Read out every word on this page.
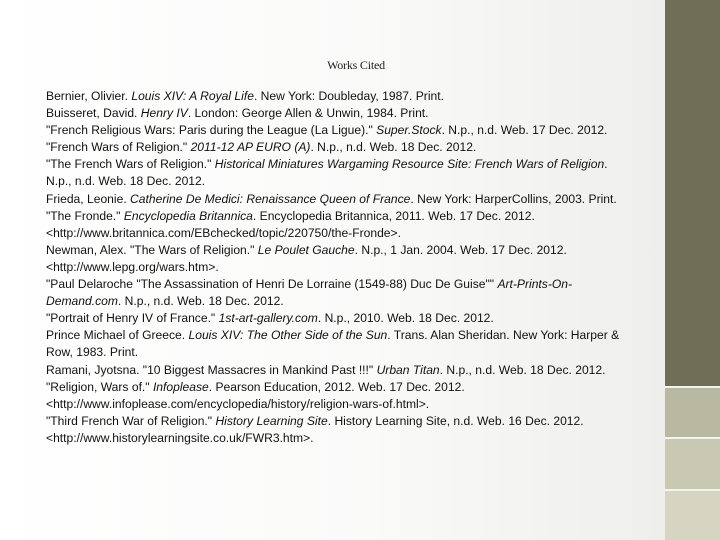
Works Cited

Bernier, Olivier. Louis XIV: A Royal Life. New York: Doubleday, 1987. Print.

Buisseret, David. Henry IV. London: George Allen & Unwin, 1984. Print.

"French Religious Wars: Paris during the League (La Ligue)." Super.Stock. N.p., n.d. Web. 17 Dec. 2012.

"French Wars of Religion." 2011-12 AP EURO (A). N.p., n.d. Web. 18 Dec. 2012.

"The French Wars of Religion." Historical Miniatures Wargaming Resource Site: French Wars of Religion. N.p., n.d. Web. 18 Dec. 2012.

Frieda, Leonie. Catherine De Medici: Renaissance Queen of France. New York: HarperCollins, 2003. Print.

"The Fronde." Encyclopedia Britannica. Encyclopedia Britannica, 2011. Web. 17 Dec. 2012. <http://www.britannica.com/EBchecked/topic/220750/the-Fronde>.

Newman, Alex. "The Wars of Religion." Le Poulet Gauche. N.p., 1 Jan. 2004. Web. 17 Dec. 2012. <http://www.lepg.org/wars.htm>.

"Paul Delaroche "The Assassination of Henri De Lorraine (1549-88) Duc De Guise"" Art-Prints-On-Demand.com. N.p., n.d. Web. 18 Dec. 2012.

"Portrait of Henry IV of France." 1st-art-gallery.com. N.p., 2010. Web. 18 Dec. 2012.

Prince Michael of Greece. Louis XIV: The Other Side of the Sun. Trans. Alan Sheridan. New York: Harper & Row, 1983. Print.

Ramani, Jyotsna. "10 Biggest Massacres in Mankind Past !!!" Urban Titan. N.p., n.d. Web. 18 Dec. 2012.

"Religion, Wars of." Infoplease. Pearson Education, 2012. Web. 17 Dec. 2012. <http://www.infoplease.com/encyclopedia/history/religion-wars-of.html>.

"Third French War of Religion." History Learning Site. History Learning Site, n.d. Web. 16 Dec. 2012. <http://www.historylearningsite.co.uk/FWR3.htm>.
